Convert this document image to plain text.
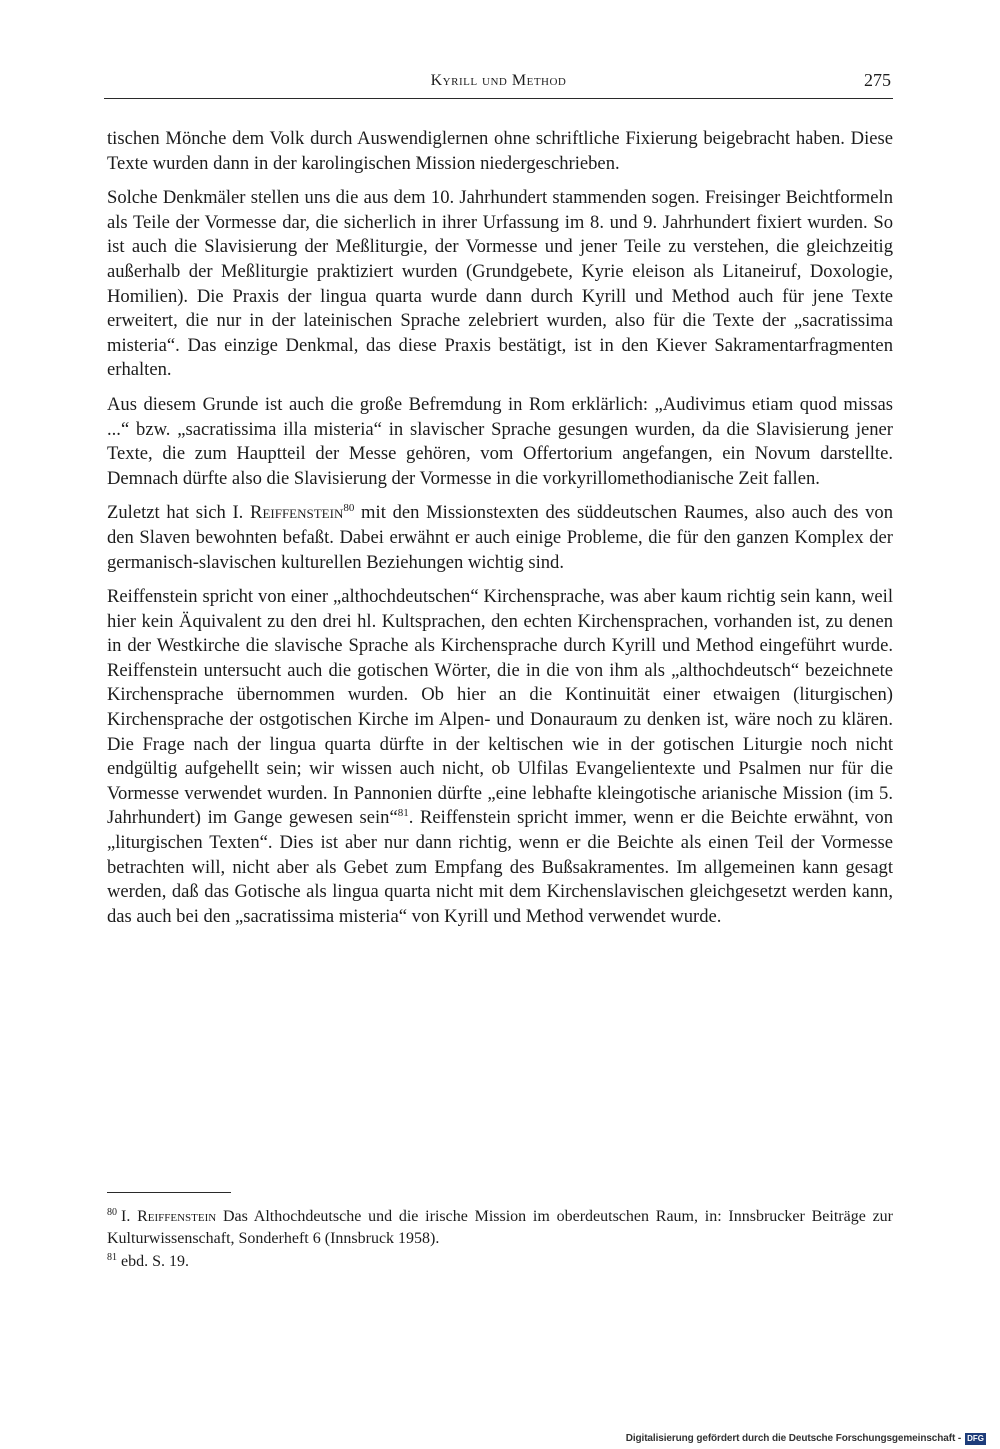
Kyrill und Method	275

tischen Mönche dem Volk durch Auswendiglernen ohne schriftliche Fixierung beigebracht haben. Diese Texte wurden dann in der karolingischen Mission niedergeschrieben.

Solche Denkmäler stellen uns die aus dem 10. Jahrhundert stammenden sogen. Freisinger Beichtformeln als Teile der Vormesse dar, die sicherlich in ihrer Urfassung im 8. und 9. Jahrhundert fixiert wurden. So ist auch die Slavisierung der Meßliturgie, der Vormesse und jener Teile zu verstehen, die gleichzeitig außerhalb der Meßliturgie praktiziert wurden (Grundgebete, Kyrie eleison als Litaneiruf, Doxologie, Homilien). Die Praxis der lingua quarta wurde dann durch Kyrill und Method auch für jene Texte erweitert, die nur in der lateinischen Sprache zelebriert wurden, also für die Texte der „sacratissima misteria“. Das einzige Denkmal, das diese Praxis bestätigt, ist in den Kiever Sakramentarfragmenten erhalten.

Aus diesem Grunde ist auch die große Befremdung in Rom erklärlich: „Audivimus etiam quod missas ...“ bzw. „sacratissima illa misteria“ in slavischer Sprache gesungen wurden, da die Slavisierung jener Texte, die zum Hauptteil der Messe gehören, vom Offertorium angefangen, ein Novum darstellte. Demnach dürfte also die Slavisierung der Vormesse in die vorkyrillomethodianische Zeit fallen.

Zuletzt hat sich I. Reiffenstein$^{80}$ mit den Missionstexten des süddeutschen Raumes, also auch des von den Slaven bewohnten befaßt. Dabei erwähnt er auch einige Probleme, die für den ganzen Komplex der germanisch-slavischen kulturellen Beziehungen wichtig sind.

Reiffenstein spricht von einer „althochdeutschen“ Kirchensprache, was aber kaum richtig sein kann, weil hier kein Äquivalent zu den drei hl. Kultsprachen, den echten Kirchensprachen, vorhanden ist, zu denen in der Westkirche die slavische Sprache als Kirchensprache durch Kyrill und Method eingeführt wurde. Reiffenstein untersucht auch die gotischen Wörter, die in die von ihm als „althochdeutsch“ bezeichnete Kirchensprache übernommen wurden. Ob hier an die Kontinuität einer etwaigen (liturgischen) Kirchensprache der ostgotischen Kirche im Alpen- und Donauraum zu denken ist, wäre noch zu klären. Die Frage nach der lingua quarta dürfte in der keltischen wie in der gotischen Liturgie noch nicht endgültig aufgehellt sein; wir wissen auch nicht, ob Ulfilas Evangelientexte und Psalmen nur für die Vormesse verwendet wurden. In Pannonien dürfte „eine lebhafte kleingotische arianische Mission (im 5. Jahrhundert) im Gange gewesen sein“$^{81}$. Reiffenstein spricht immer, wenn er die Beichte erwähnt, von „liturgischen Texten“. Dies ist aber nur dann richtig, wenn er die Beichte als einen Teil der Vormesse betrachten will, nicht aber als Gebet zum Empfang des Bußsakramentes. Im allgemeinen kann gesagt werden, daß das Gotische als lingua quarta nicht mit dem Kirchenslavischen gleichgesetzt werden kann, das auch bei den „sacratissima misteria“ von Kyrill und Method verwendet wurde.

$^{80}$ I. Reiffenstein Das Althochdeutsche und die irische Mission im oberdeutschen Raum, in: Innsbrucker Beiträge zur Kulturwissenschaft, Sonderheft 6 (Innsbruck 1958).

$^{81}$ ebd. S. 19.

Digitalisierung gefördert durch die Deutsche Forschungsgemeinschaft - DFG
